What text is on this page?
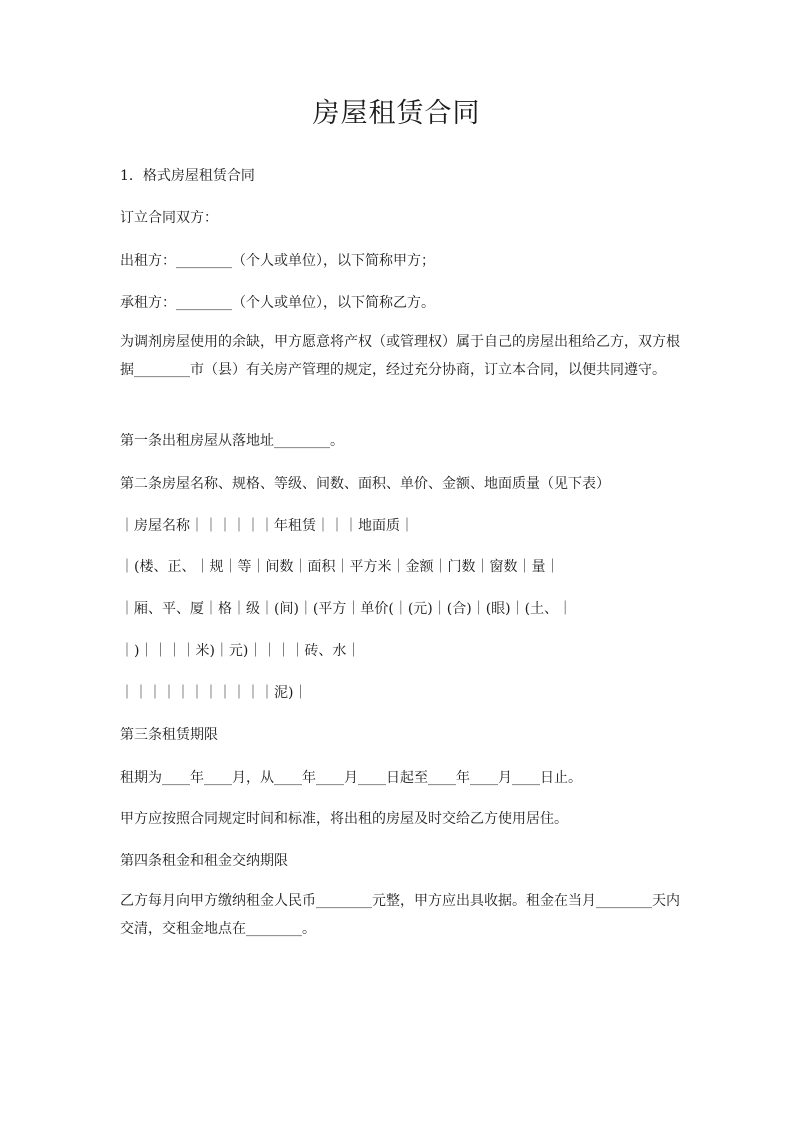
房屋租赁合同

1．格式房屋租赁合同

订立合同双方：

出租方：________（个人或单位），以下简称甲方；

承租方：________（个人或单位），以下简称乙方。

为调剂房屋使用的余缺，甲方愿意将产权（或管理权）属于自己的房屋出租给乙方，双方根据________市（县）有关房产管理的规定，经过充分协商，订立本合同，以便共同遵守。

第一条出租房屋从落地址________。

第二条房屋名称、规格、等级、间数、面积、单价、金额、地面质量（见下表）

｜房屋名称｜｜｜｜｜｜年租赁｜｜｜地面质｜

｜(楼、正、｜规｜等｜间数｜面积｜平方米｜金额｜门数｜窗数｜量｜

｜厢、平、厦｜格｜级｜(间)｜(平方｜单价(｜(元)｜(合)｜(眼)｜(土、｜

｜)｜｜｜｜米)｜元)｜｜｜｜砖、水｜

｜｜｜｜｜｜｜｜｜｜｜泥)｜

第三条租赁期限

租期为____年____月，从____年____月____日起至____年____月____日止。

甲方应按照合同规定时间和标准，将出租的房屋及时交给乙方使用居住。

第四条租金和租金交纳期限

乙方每月向甲方缴纳租金人民币________元整，甲方应出具收据。租金在当月________天内交清，交租金地点在________。
